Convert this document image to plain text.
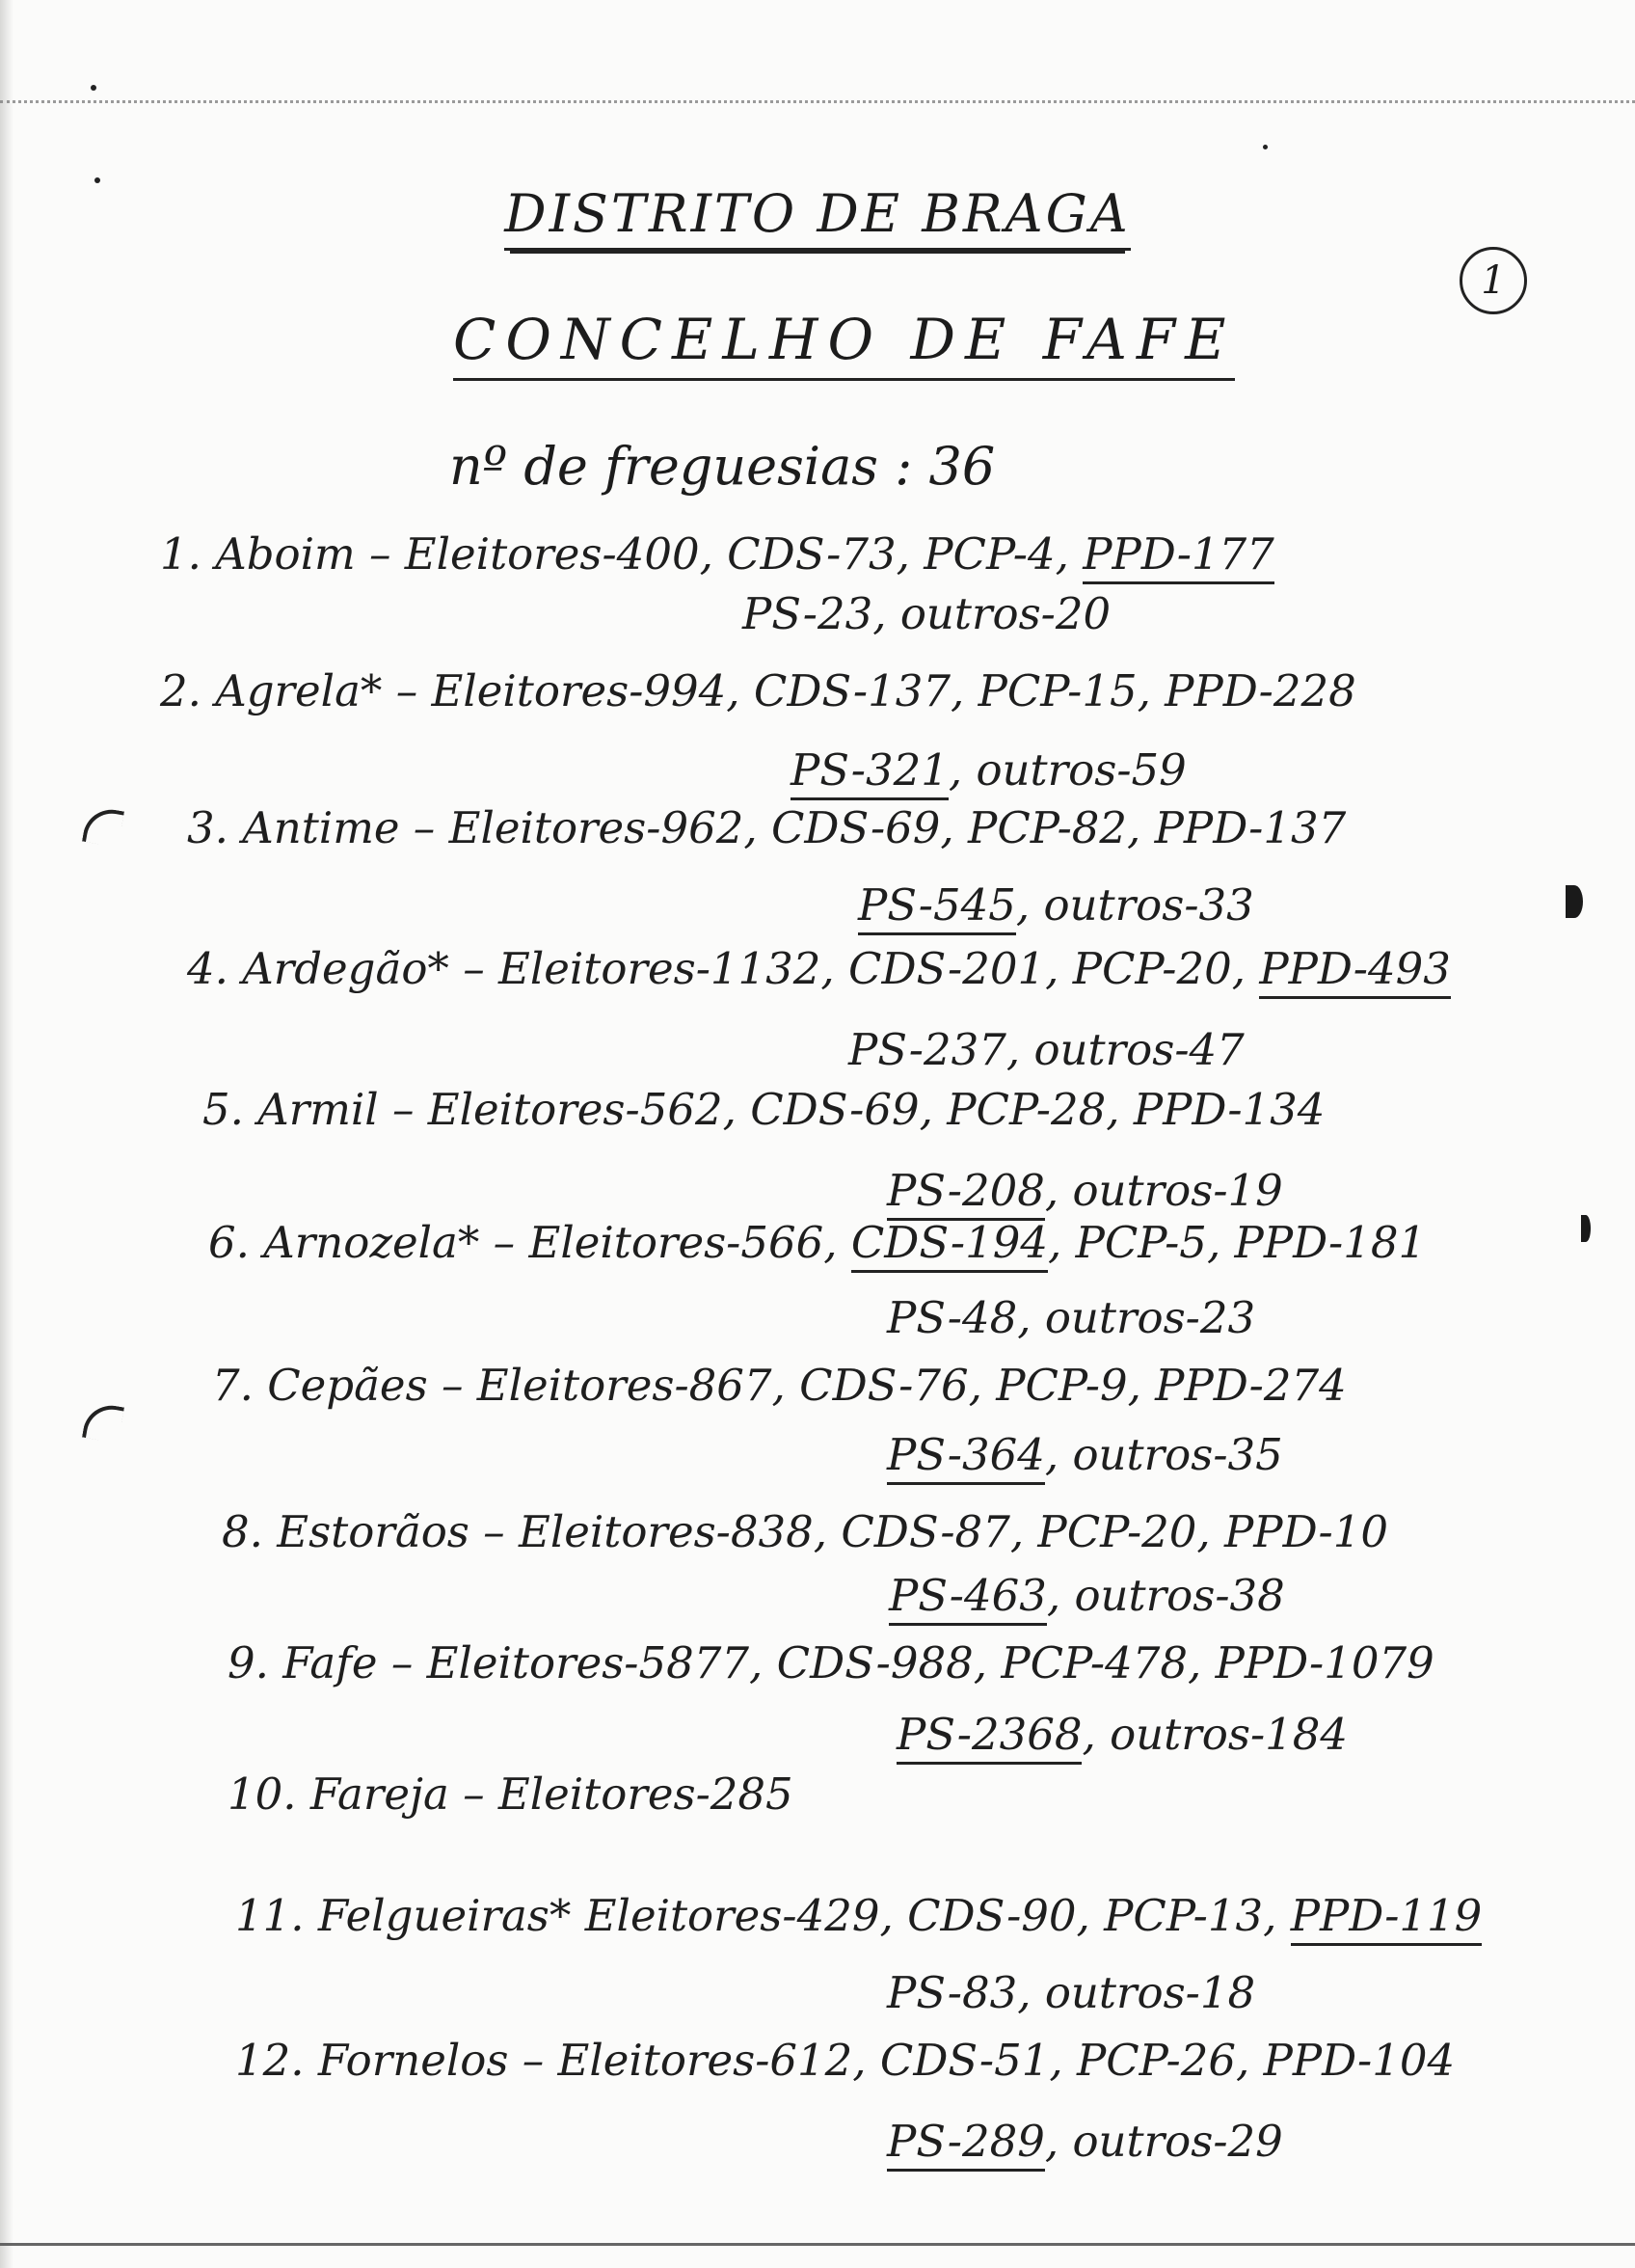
DISTRITO DE BRAGA
1
CONCELHO DE FAFE
nº de freguesias : 36
1. Aboim – Eleitores-400, CDS-73, PCP-4, PPD-177
PS-23, outros-20
2. Agrela* – Eleitores-994, CDS-137, PCP-15, PPD-228
PS-321, outros-59
3. Antime – Eleitores-962, CDS-69, PCP-82, PPD-137
PS-545, outros-33
4. Ardegão* – Eleitores-1132, CDS-201, PCP-20, PPD-493
PS-237, outros-47
5. Armil – Eleitores-562, CDS-69, PCP-28, PPD-134
PS-208, outros-19
6. Arnozela* – Eleitores-566, CDS-194, PCP-5, PPD-181
PS-48, outros-23
7. Cepães – Eleitores-867, CDS-76, PCP-9, PPD-274
PS-364, outros-35
8. Estorãos – Eleitores-838, CDS-87, PCP-20, PPD-10
PS-463, outros-38
9. Fafe – Eleitores-5877, CDS-988, PCP-478, PPD-1079
PS-2368, outros-184
10. Fareja – Eleitores-285
11. Felgueiras* Eleitores-429, CDS-90, PCP-13, PPD-119
PS-83, outros-18
12. Fornelos – Eleitores-612, CDS-51, PCP-26, PPD-104
PS-289, outros-29
